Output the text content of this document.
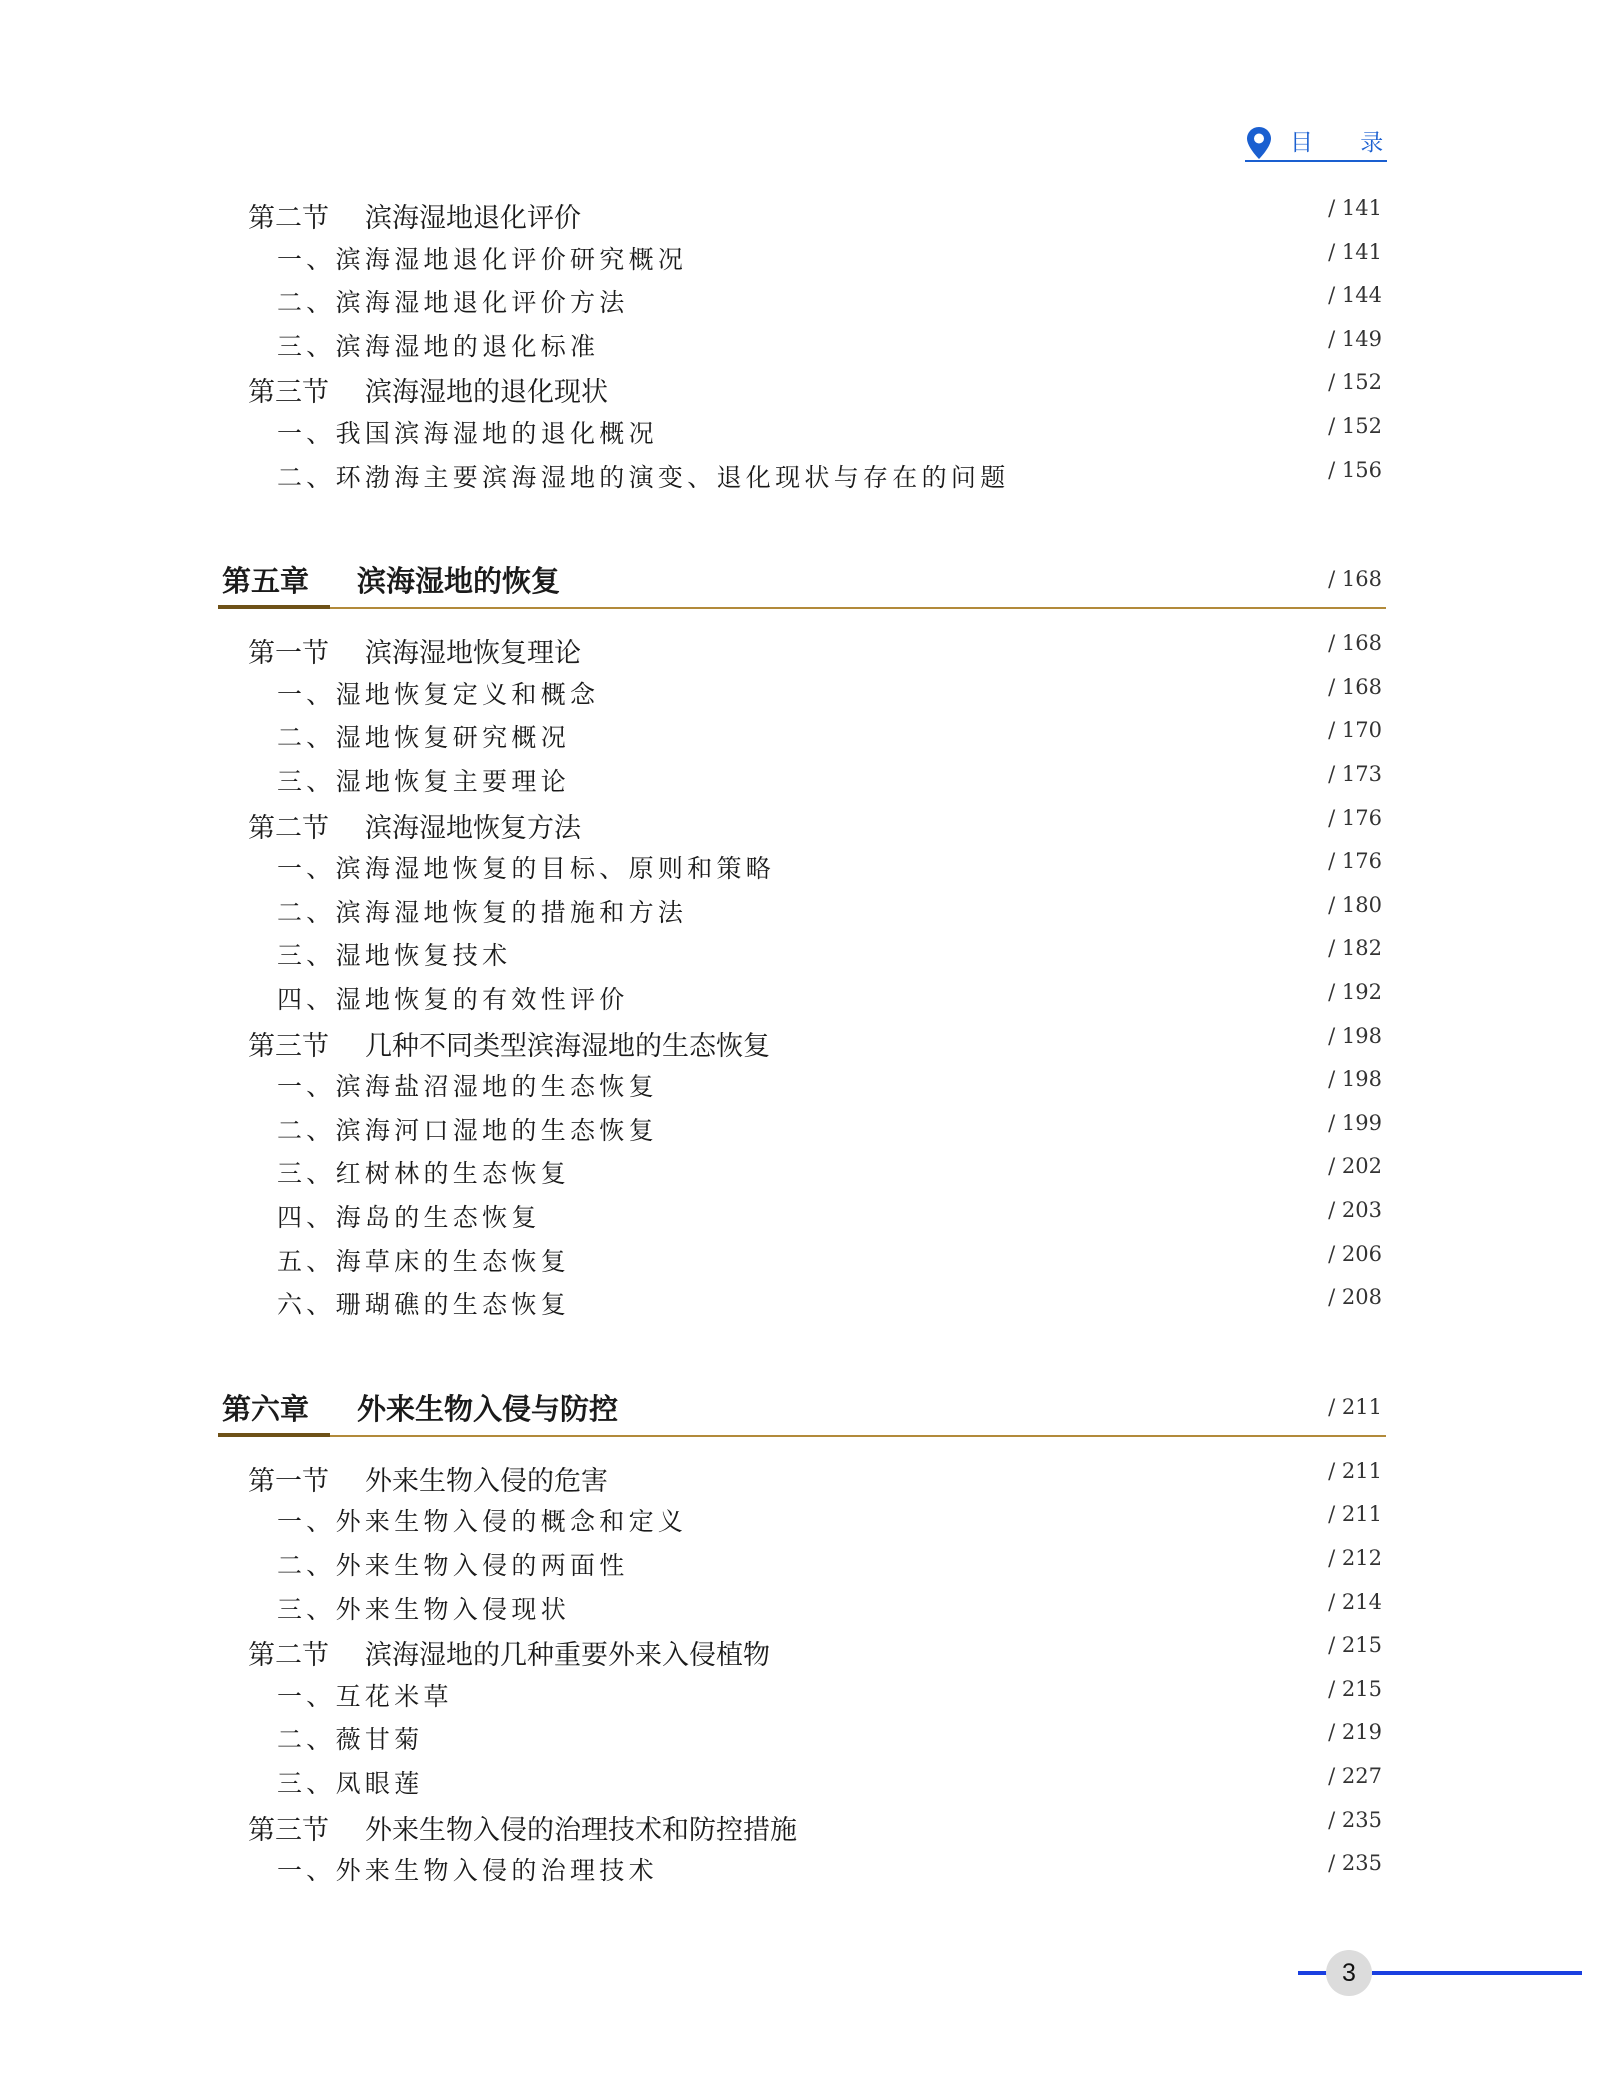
目 录
第二节 滨海湿地退化评价	/ 141
一、滨海湿地退化评价研究概况	/ 141
二、滨海湿地退化评价方法	/ 144
三、滨海湿地的退化标准	/ 149
第三节 滨海湿地的退化现状	/ 152
一、我国滨海湿地的退化概况	/ 152
二、环渤海主要滨海湿地的演变、退化现状与存在的问题	/ 156
第五章 滨海湿地的恢复	/ 168
第一节 滨海湿地恢复理论	/ 168
一、湿地恢复定义和概念	/ 168
二、湿地恢复研究概况	/ 170
三、湿地恢复主要理论	/ 173
第二节 滨海湿地恢复方法	/ 176
一、滨海湿地恢复的目标、原则和策略	/ 176
二、滨海湿地恢复的措施和方法	/ 180
三、湿地恢复技术	/ 182
四、湿地恢复的有效性评价	/ 192
第三节 几种不同类型滨海湿地的生态恢复	/ 198
一、滨海盐沼湿地的生态恢复	/ 198
二、滨海河口湿地的生态恢复	/ 199
三、红树林的生态恢复	/ 202
四、海岛的生态恢复	/ 203
五、海草床的生态恢复	/ 206
六、珊瑚礁的生态恢复	/ 208
第六章 外来生物入侵与防控	/ 211
第一节 外来生物入侵的危害	/ 211
一、外来生物入侵的概念和定义	/ 211
二、外来生物入侵的两面性	/ 212
三、外来生物入侵现状	/ 214
第二节 滨海湿地的几种重要外来入侵植物	/ 215
一、互花米草	/ 215
二、薇甘菊	/ 219
三、凤眼莲	/ 227
第三节 外来生物入侵的治理技术和防控措施	/ 235
一、外来生物入侵的治理技术	/ 235
3
